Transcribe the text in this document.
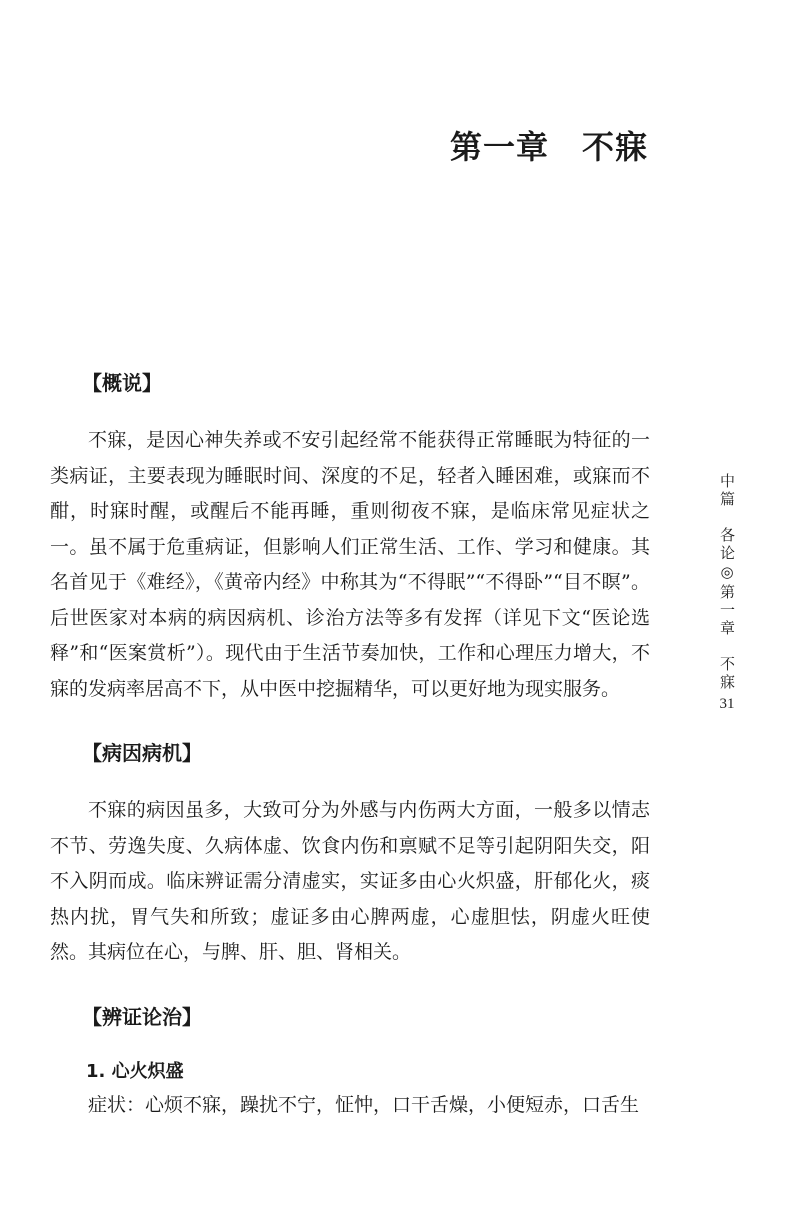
第一章　不寐
【概说】

不寐，是因心神失养或不安引起经常不能获得正常睡眠为特征的一类病证，主要表现为睡眠时间、深度的不足，轻者入睡困难，或寐而不酣，时寐时醒，或醒后不能再睡，重则彻夜不寐，是临床常见症状之一。虽不属于危重病证，但影响人们正常生活、工作、学习和健康。其名首见于《难经》，《黄帝内经》中称其为“不得眠”“不得卧”“目不瞑”。后世医家对本病的病因病机、诊治方法等多有发挥（详见下文“医论选释”和“医案赏析”）。现代由于生活节奏加快，工作和心理压力增大，不寐的发病率居高不下，从中医中挖掘精华，可以更好地为现实服务。

【病因病机】

不寐的病因虽多，大致可分为外感与内伤两大方面，一般多以情志不节、劳逸失度、久病体虚、饮食内伤和禀赋不足等引起阴阳失交，阳不入阴而成。临床辨证需分清虚实，实证多由心火炽盛，肝郁化火，痰热内扰，胃气失和所致；虚证多由心脾两虚，心虚胆怯，阴虚火旺使然。其病位在心，与脾、肝、胆、肾相关。

【辨证论治】
1. 心火炽盛

症状：心烦不寐，躁扰不宁，怔忡，口干舌燥，小便短赤，口舌生

中篇　各论◎第一章　不寐
31
